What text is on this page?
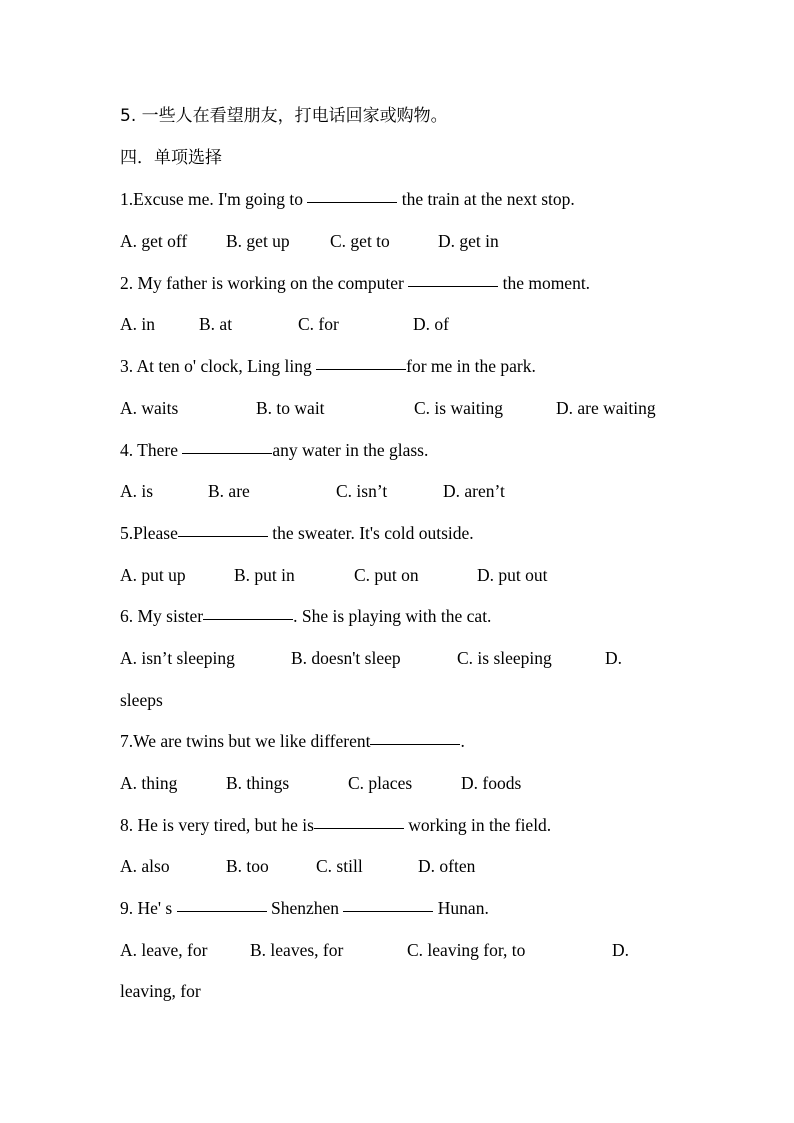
5. 一些人在看望朋友，打电话回家或购物。
四．单项选择
1.Excuse me. I'm going to	the train at the next stop.
A. get off B. get up C. get to	D. get in
2. My father is working on the computer	the moment.
A. in	B. at	C. for	D. of
3. At ten o' clock, Ling ling	for me in the park.
A. waits	B. to wait	C. is waiting	D. are waiting
4. There	any water in the glass.
A. is	B. are	C. isn’t	D. aren’t
5.Please	the sweater. It's cold outside.
A. put up	B. put in	C. put on	D. put out
6. My sister	. She is playing with the cat.
A. isn’t sleeping	B. doesn't sleep	C. is sleeping	D.
sleeps
7.We are twins but we like different	.
A. thing	B. things	C. places	D. foods
8. He is very tired, but he is	working in the field.
A. also	B. too	C. still	D. often
9. He' s	Shenzhen	Hunan.
A. leave, for B. leaves, for	C. leaving for, to	D.
leaving, for
